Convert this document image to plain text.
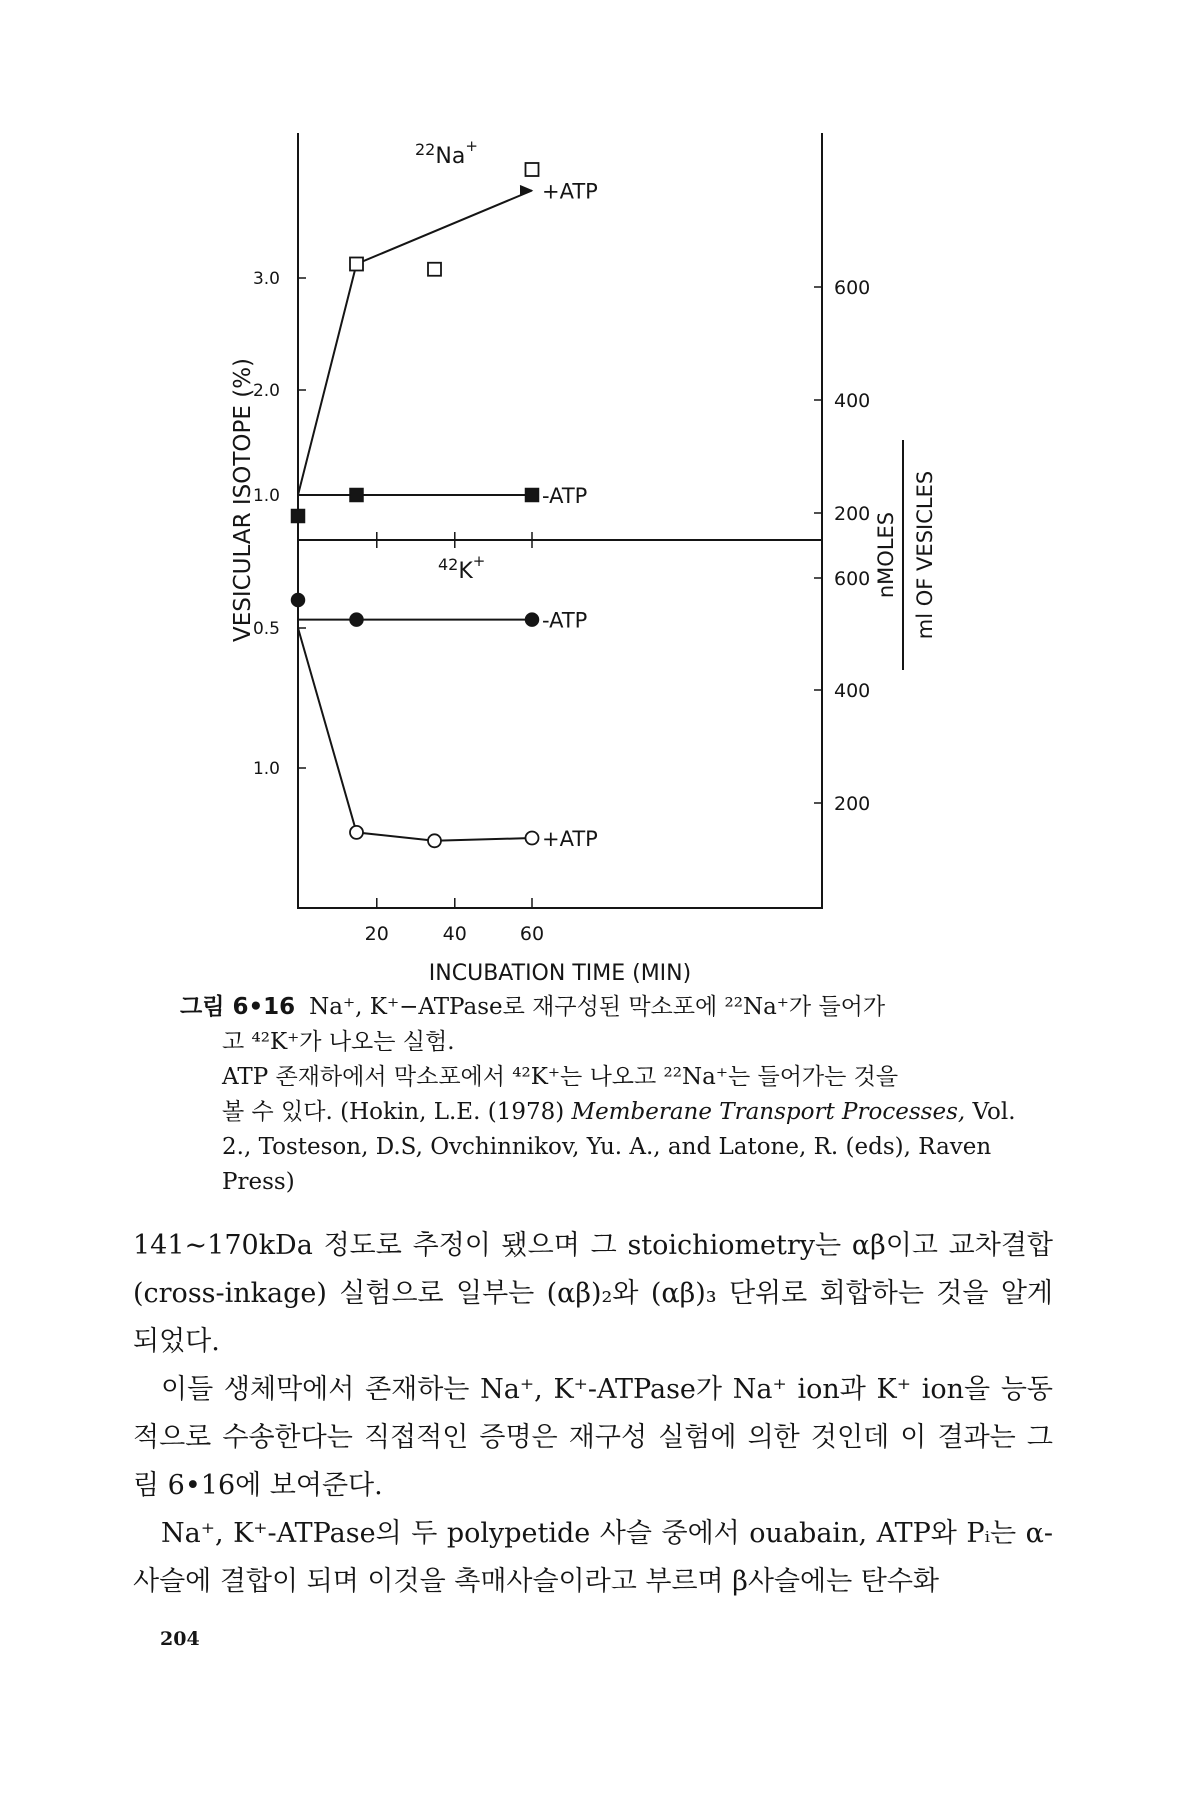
20	40	60
INCUBATION TIME (MIN)
VESICULAR ISOTOPE (%)	nMOLES ml OF VESICLES
1.0
2.0
3.0
200
400
600
$^{22}$Na+
0.5
1.0
200
400
600
$^{42}$K+
+ATP
-ATP
-ATP
+ATP
그림 6•16 Na⁺, K⁺−ATPase로 재구성된 막소포에 ²²Na⁺가 들어가
고 ⁴²K⁺가 나오는 실험.
ATP 존재하에서 막소포에서 ⁴²K⁺는 나오고 ²²Na⁺는 들어가는 것을
볼 수 있다. (Hokin, L.E. (1978) Memberane Transport Processes, Vol.
2., Tosteson, D.S, Ovchinnikov, Yu. A., and Latone, R. (eds), Raven Press)

141∼170kDa 정도로 추정이 됐으며 그 stoichiometry는 αβ이고 교차결합(cross-inkage) 실험으로 일부는 (αβ)₂와 (αβ)₃ 단위로 회합하는 것을 알게 되었다.

이들 생체막에서 존재하는 Na⁺, K⁺-ATPase가 Na⁺ ion과 K⁺ ion을 능동적으로 수송한다는 직접적인 증명은 재구성 실험에 의한 것인데 이 결과는 그림 6•16에 보여준다.

Na⁺, K⁺-ATPase의 두 polypetide 사슬 중에서 ouabain, ATP와 Pᵢ는 α-사슬에 결합이 되며 이것을 촉매사슬이라고 부르며 β사슬에는 탄수화

204
